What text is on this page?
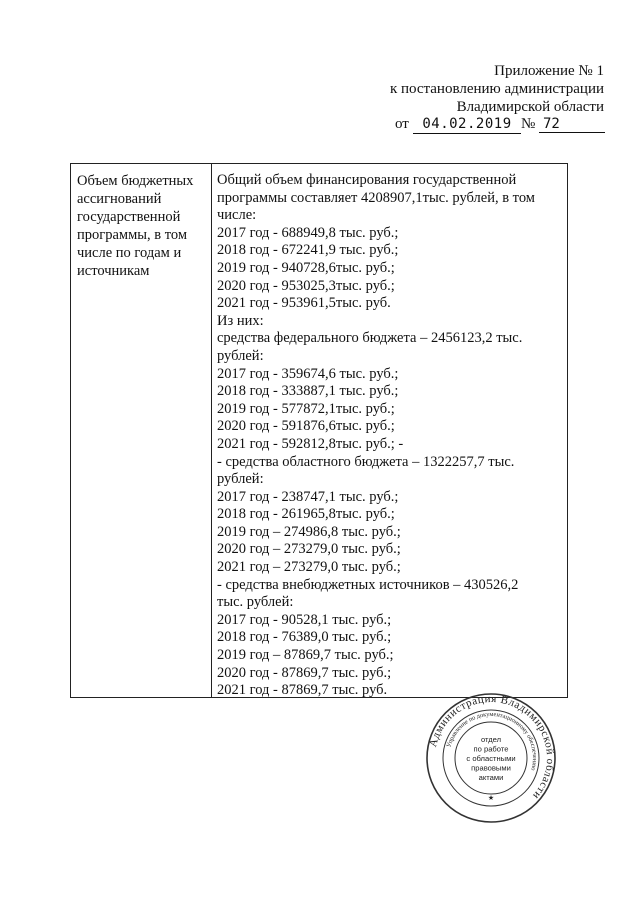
Приложение № 1
к постановлению администрации
Владимирской области
от 04.02.2019 № 72
Объем бюджетных
ассигнований
государственной
программы, в том
числе по годам и
источникам
Общий объем финансирования государственной
программы составляет 4208907,1тыс. рублей, в том
числе:
2017 год - 688949,8 тыс. руб.;
2018 год - 672241,9 тыс. руб.;
2019 год - 940728,6тыс. руб.;
2020 год - 953025,3тыс. руб.;
2021 год - 953961,5тыс. руб.
Из них:
средства федерального бюджета – 2456123,2 тыс.
рублей:
2017 год - 359674,6 тыс. руб.;
2018 год - 333887,1 тыс. руб.;
2019 год - 577872,1тыс. руб.;
2020 год - 591876,6тыс. руб.;
2021 год - 592812,8тыс. руб.; -
- средства областного бюджета – 1322257,7 тыс.
рублей:
2017 год - 238747,1 тыс. руб.;
2018 год - 261965,8тыс. руб.;
2019 год – 274986,8 тыс. руб.;
2020 год – 273279,0 тыс. руб.;
2021 год – 273279,0 тыс. руб.;
- средства внебюджетных источников – 430526,2
тыс. рублей:
2017 год - 90528,1 тыс. руб.;
2018 год - 76389,0 тыс. руб.;
2019 год – 87869,7 тыс. руб.;
2020 год - 87869,7 тыс. руб.;
2021 год - 87869,7 тыс. руб.
Администрация Владимирской области
Управление по документационному обеспечению
отдел
по работе
с областными
правовыми
актами
★
